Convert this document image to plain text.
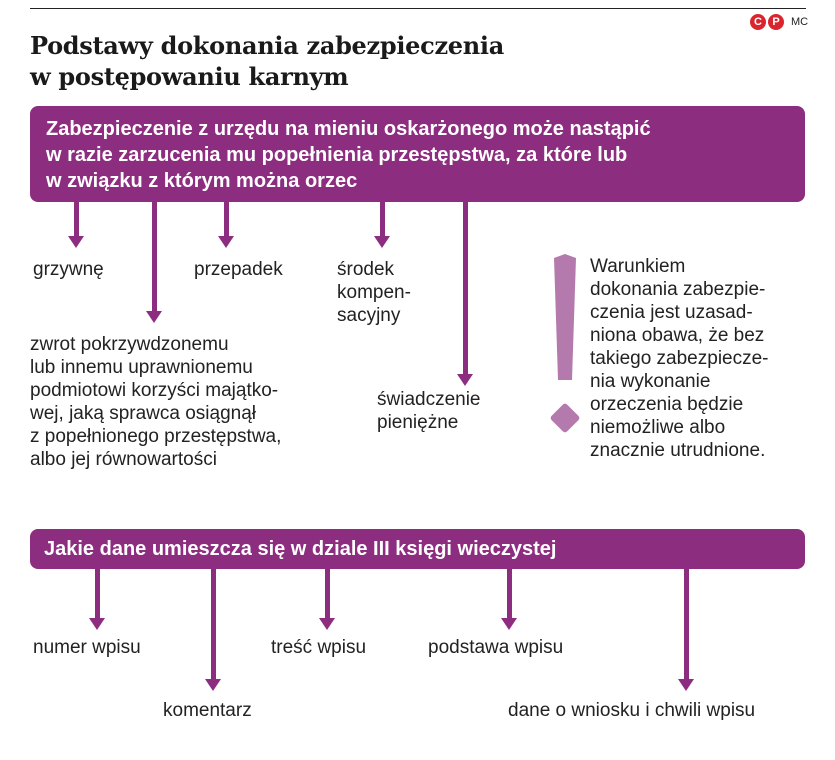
Podstawy dokonania zabezpieczenia
w postępowaniu karnym
C P	MC
Zabezpieczenie z urzędu na mieniu oskarżonego może nastąpić
w razie zarzucenia mu popełnienia przestępstwa, za które lub
w związku z którym można orzec
grzywnę
zwrot pokrzywdzonemu
lub innemu uprawnionemu
podmiotowi korzyści majątko-
wej, jaką sprawca osiągnął
z popełnionego przestępstwa,
albo jej równowartości
przepadek	środek
kompen-
sacyjny
świadczenie
pieniężne
Warunkiem
dokonania zabezpie-
czenia jest uzasad-
niona obawa, że bez
takiego zabezpiecze-
nia wykonanie
orzeczenia będzie
niemożliwe albo
znacznie utrudnione.
Jakie dane umieszcza się w dziale III księgi wieczystej
numer wpisu
komentarz
treść wpisu	podstawa wpisu
dane o wniosku i chwili wpisu
